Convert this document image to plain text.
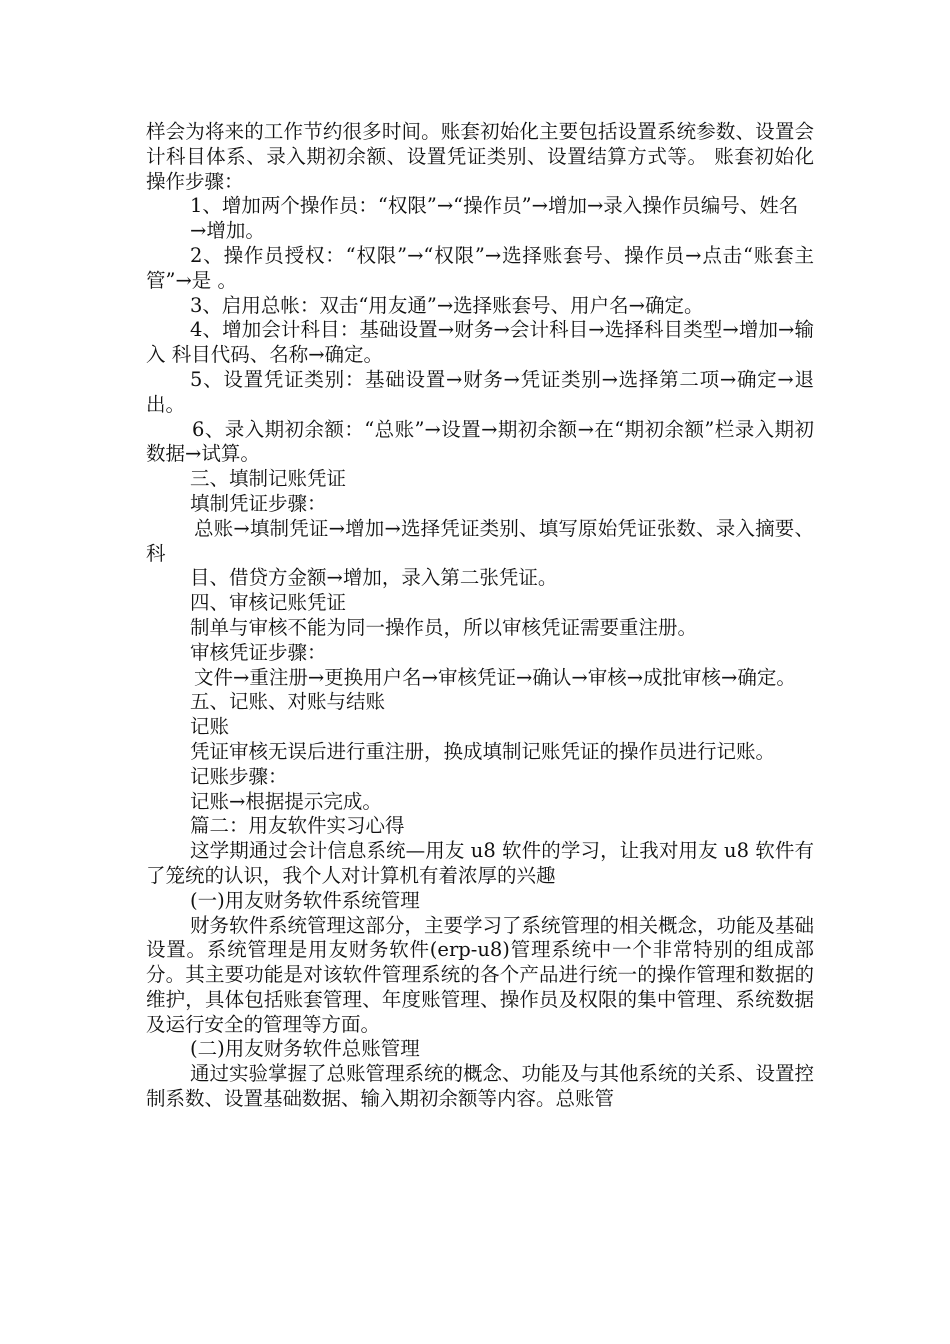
样会为将来的工作节约很多时间。账套初始化主要包括设置系统参数、设置会计科目体系、录入期初余额、设置凭证类别、设置结算方式等。 账套初始化操作步骤：

1、增加两个操作员：“权限”→“操作员”→增加→录入操作员编号、姓名

→增加。

2、操作员授权：“权限”→“权限”→选择账套号、操作员→点击“账套主管”→是 。

3、启用总帐：双击“用友通”→选择账套号、用户名→确定。

4、增加会计科目：基础设置→财务→会计科目→选择科目类型→增加→输入 科目代码、名称→确定。

5、设置凭证类别：基础设置→财务→凭证类别→选择第二项→确定→退出。

6、录入期初余额：“总账”→设置→期初余额→在“期初余额”栏录入期初数据→试算。

三、填制记账凭证

填制凭证步骤：

总账→填制凭证→增加→选择凭证类别、填写原始凭证张数、录入摘要、科

目、借贷方金额→增加，录入第二张凭证。

四、审核记账凭证

制单与审核不能为同一操作员，所以审核凭证需要重注册。

审核凭证步骤：

文件→重注册→更换用户名→审核凭证→确认→审核→成批审核→确定。

五、记账、对账与结账

记账

凭证审核无误后进行重注册，换成填制记账凭证的操作员进行记账。

记账步骤：

记账→根据提示完成。

篇二：用友软件实习心得

这学期通过会计信息系统—用友 u8 软件的学习，让我对用友 u8 软件有了笼统的认识，我个人对计算机有着浓厚的兴趣

(一)用友财务软件系统管理

财务软件系统管理这部分，主要学习了系统管理的相关概念，功能及基础设置。系统管理是用友财务软件(erp-u8)管理系统中一个非常特别的组成部分。其主要功能是对该软件管理系统的各个产品进行统一的操作管理和数据的维护，具体包括账套管理、年度账管理、操作员及权限的集中管理、系统数据及运行安全的管理等方面。

(二)用友财务软件总账管理

通过实验掌握了总账管理系统的概念、功能及与其他系统的关系、设置控制系数、设置基础数据、输入期初余额等内容。总账管
